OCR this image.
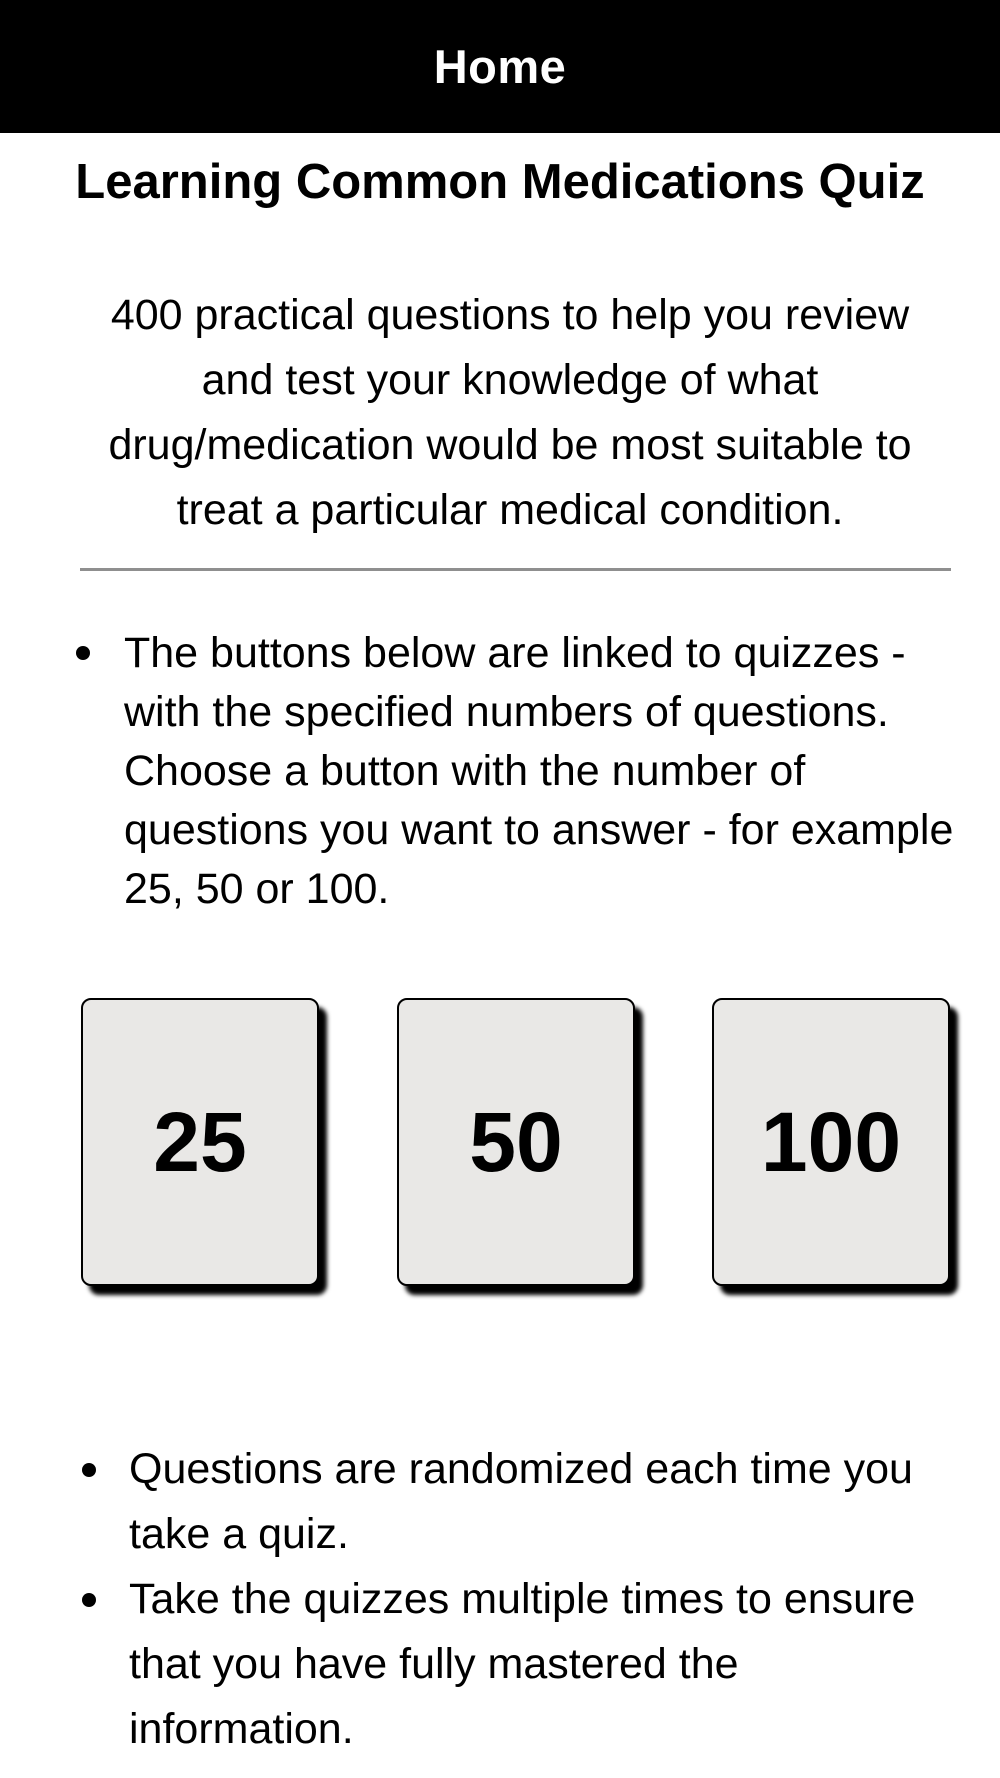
Home
Learning Common Medications Quiz

400 practical questions to help you review and test your knowledge of what drug/medication would be most suitable to treat a particular medical condition.

The buttons below are linked to quizzes - with the specified numbers of questions. Choose a button with the number of questions you want to answer - for example 25, 50 or 100.
25	50	100
Questions are randomized each time you take a quiz.
Take the quizzes multiple times to ensure that you have fully mastered the information.
